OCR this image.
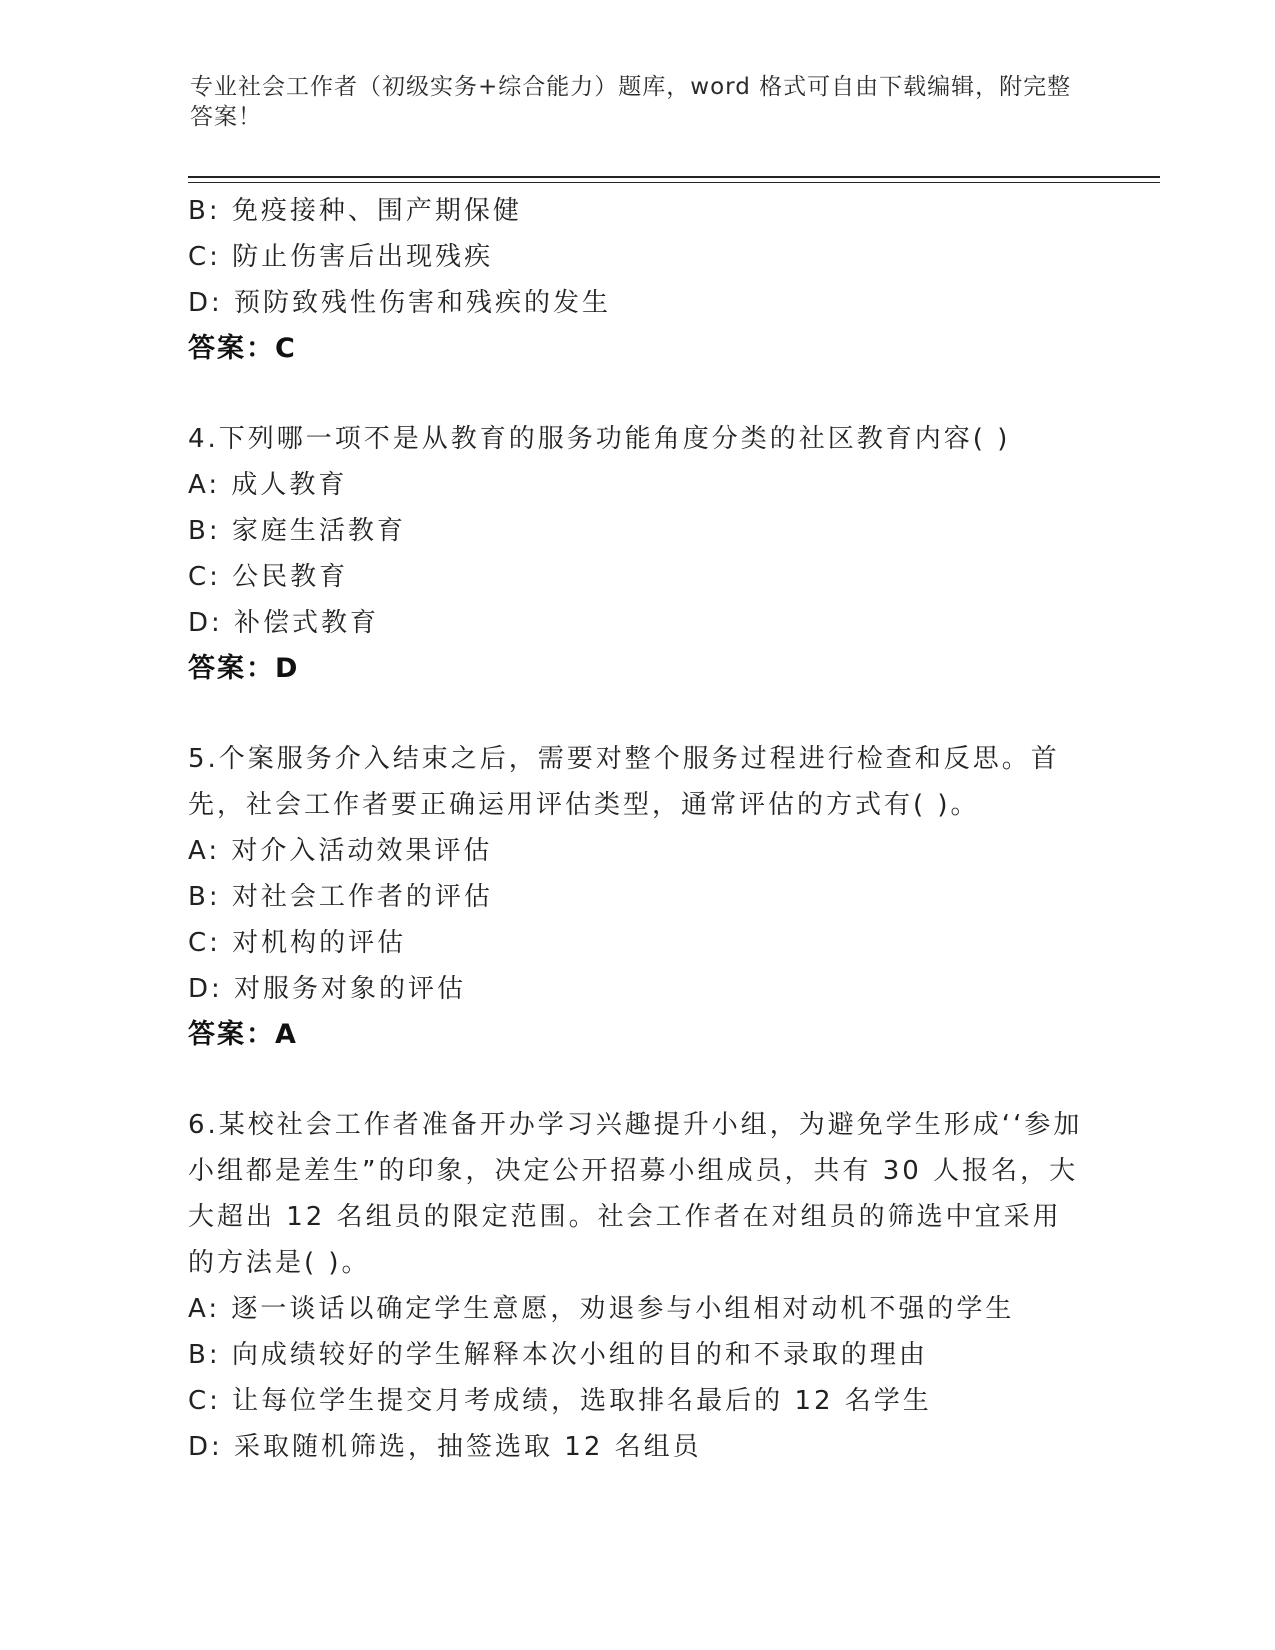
专业社会工作者（初级实务+综合能力）题库，word 格式可自由下载编辑，附完整答案！
B: 免疫接种、围产期保健
C: 防止伤害后出现残疾
D: 预防致残性伤害和残疾的发生
答案：C
4.下列哪一项不是从教育的服务功能角度分类的社区教育内容( )
A: 成人教育
B: 家庭生活教育
C: 公民教育
D: 补偿式教育
答案：D
5.个案服务介入结束之后，需要对整个服务过程进行检查和反思。首先，社会工作者要正确运用评估类型，通常评估的方式有( )。
A: 对介入活动效果评估
B: 对社会工作者的评估
C: 对机构的评估
D: 对服务对象的评估
答案：A
6.某校社会工作者准备开办学习兴趣提升小组，为避免学生形成‘‘参加小组都是差生”的印象，决定公开招募小组成员，共有 30 人报名，大大超出 12 名组员的限定范围。社会工作者在对组员的筛选中宜采用的方法是( )。
A: 逐一谈话以确定学生意愿，劝退参与小组相对动机不强的学生
B: 向成绩较好的学生解释本次小组的目的和不录取的理由
C: 让每位学生提交月考成绩，选取排名最后的 12 名学生
D: 采取随机筛选，抽签选取 12 名组员
